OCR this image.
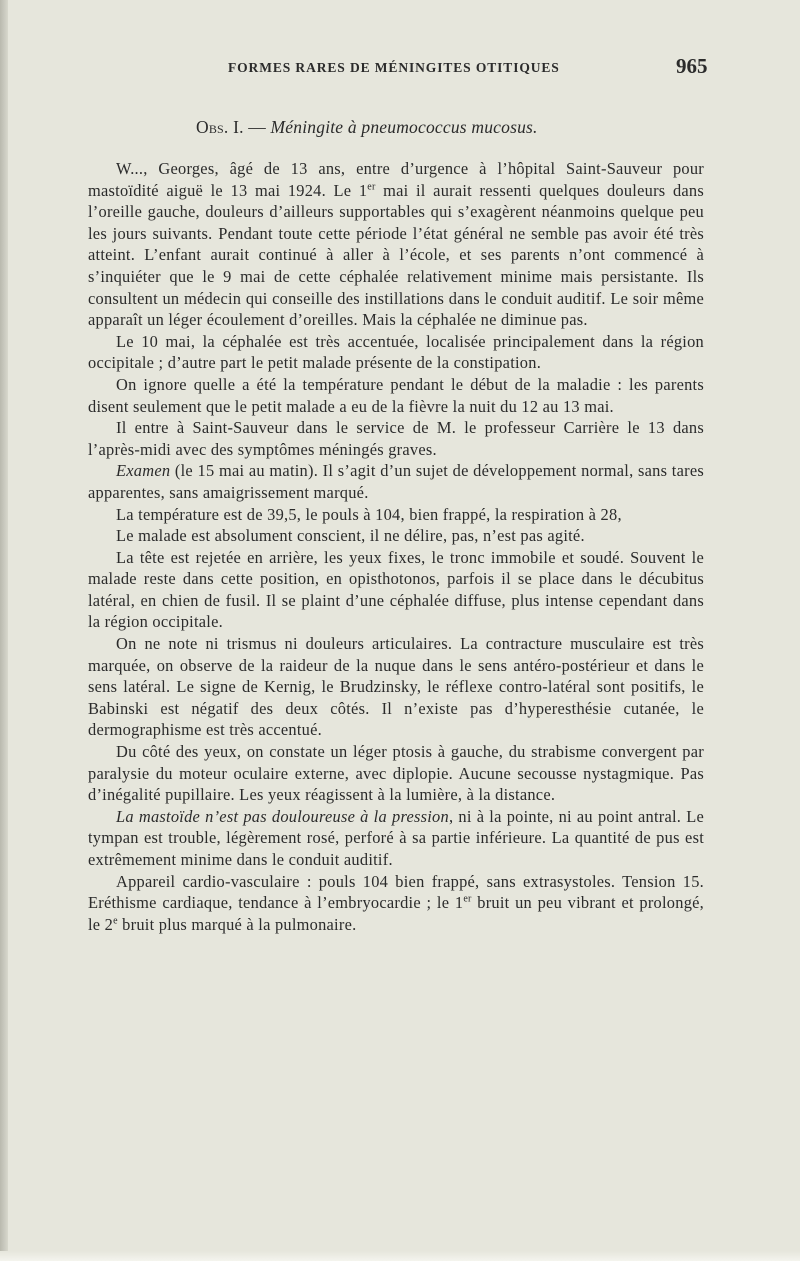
FORMES RARES DE MÉNINGITES OTITIQUES	965
Obs. I. — Méningite à pneumococcus mucosus.

W..., Georges, âgé de 13 ans, entre d’urgence à l’hôpital Saint-Sauveur pour mastoïdité aiguë le 13 mai 1924. Le 1er mai il aurait ressenti quelques douleurs dans l’oreille gauche, douleurs d’ailleurs supportables qui s’exagèrent néanmoins quelque peu les jours suivants. Pendant toute cette période l’état général ne semble pas avoir été très atteint. L’enfant aurait continué à aller à l’école, et ses parents n’ont commencé à s’inquiéter que le 9 mai de cette céphalée relativement minime mais persistante. Ils consultent un médecin qui conseille des instillations dans le conduit auditif. Le soir même apparaît un léger écoulement d’oreilles. Mais la céphalée ne diminue pas.

Le 10 mai, la céphalée est très accentuée, localisée principalement dans la région occipitale ; d’autre part le petit malade présente de la constipation.

On ignore quelle a été la température pendant le début de la maladie : les parents disent seulement que le petit malade a eu de la fièvre la nuit du 12 au 13 mai.

Il entre à Saint-Sauveur dans le service de M. le professeur Carrière le 13 dans l’après-midi avec des symptômes méningés graves.

Examen (le 15 mai au matin). Il s’agit d’un sujet de développement normal, sans tares apparentes, sans amaigrissement marqué.

La température est de 39,5, le pouls à 104, bien frappé, la respiration à 28,

Le malade est absolument conscient, il ne délire, pas, n’est pas agité.

La tête est rejetée en arrière, les yeux fixes, le tronc immobile et soudé. Souvent le malade reste dans cette position, en opisthotonos, parfois il se place dans le décubitus latéral, en chien de fusil. Il se plaint d’une céphalée diffuse, plus intense cependant dans la région occipitale.

On ne note ni trismus ni douleurs articulaires. La contracture musculaire est très marquée, on observe de la raideur de la nuque dans le sens antéro-postérieur et dans le sens latéral. Le signe de Kernig, le Brudzinsky, le réflexe contro-latéral sont positifs, le Babinski est négatif des deux côtés. Il n’existe pas d’hyperesthésie cutanée, le dermographisme est très accentué.

Du côté des yeux, on constate un léger ptosis à gauche, du strabisme convergent par paralysie du moteur oculaire externe, avec diplopie. Aucune secousse nystagmique. Pas d’inégalité pupillaire. Les yeux réagissent à la lumière, à la distance.

La mastoïde n’est pas douloureuse à la pression, ni à la pointe, ni au point antral. Le tympan est trouble, légèrement rosé, perforé à sa partie inférieure. La quantité de pus est extrêmement minime dans le conduit auditif.

Appareil cardio-vasculaire : pouls 104 bien frappé, sans extrasystoles. Tension 15. Eréthisme cardiaque, tendance à l’embryocardie ; le 1er bruit un peu vibrant et prolongé, le 2e bruit plus marqué à la pulmonaire.
